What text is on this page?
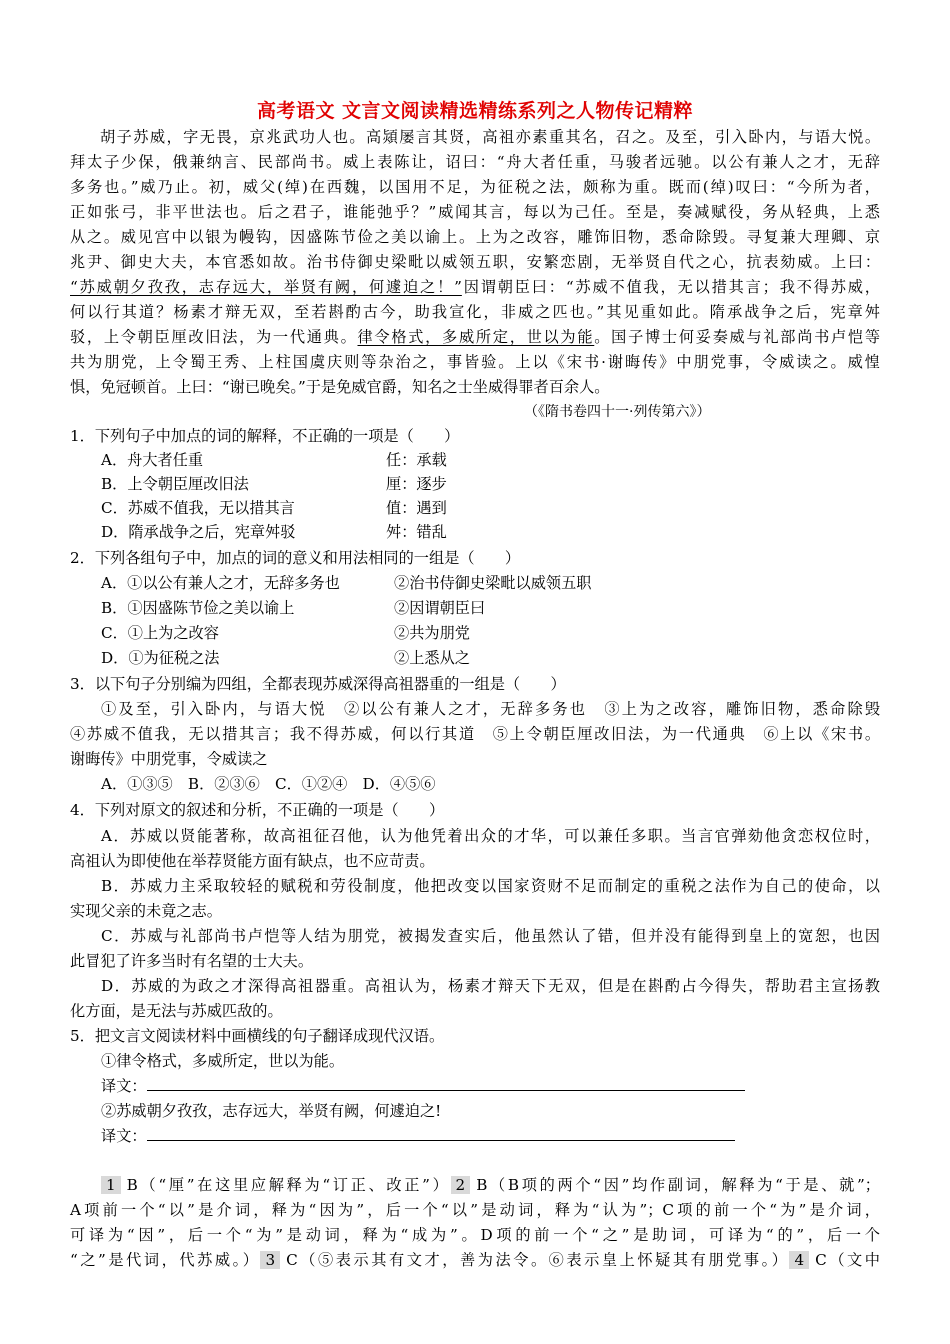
高考语文 文言文阅读精选精练系列之人物传记精粹
胡子苏威，字无畏，京兆武功人也。高熲屡言其贤，高祖亦素重其名，召之。及至，引入卧内，与语大悦。
拜太子少保，俄兼纳言、民部尚书。威上表陈让，诏曰：“舟大者任重，马骏者远驰。以公有兼人之才，无辞
多务也。”威乃止。初，威父(绰)在西魏，以国用不足，为征税之法，颇称为重。既而(绰)叹曰：“今所为者，
正如张弓，非平世法也。后之君子，谁能弛乎？”威闻其言，每以为己任。至是，奏减赋役，务从轻典，上悉
从之。威见宫中以银为幔钩，因盛陈节俭之美以谕上。上为之改容，雕饰旧物，悉命除毁。寻复兼大理卿、京
兆尹、御史大夫，本官悉如故。治书侍御史梁毗以威领五职，安繁恋剧，无举贤自代之心，抗表劾威。上曰：
“苏威朝夕孜孜，志存远大，举贤有阙，何遽迫之！”因谓朝臣曰：“苏威不值我，无以措其言；我不得苏威，
何以行其道？杨素才辩无双，至若斟酌古今，助我宣化，非威之匹也。”其见重如此。隋承战争之后，宪章舛
驳，上令朝臣厘改旧法，为一代通典。律令格式，多威所定，世以为能。国子博士何妥奏威与礼部尚书卢恺等
共为朋党，上令蜀王秀、上柱国虞庆则等杂治之，事皆验。上以《宋书·谢晦传》中朋党事，令威读之。威惶
惧，免冠顿首。上曰：“谢已晚矣。”于是免威官爵，知名之士坐威得罪者百余人。
（《隋书卷四十一·列传第六》）
1．下列句子中加点的词的解释，不正确的一项是（　　）
A．舟大者任重	任：承载
B．上令朝臣厘改旧法	厘：逐步
C．苏威不值我，无以措其言	值：遇到
D．隋承战争之后，宪章舛驳	舛：错乱
2．下列各组句子中，加点的词的意义和用法相同的一组是（　　）
A．①以公有兼人之才，无辞多务也	②治书侍御史梁毗以威领五职
B．①因盛陈节俭之美以谕上	②因谓朝臣曰
C．①上为之改容	②共为朋党
D．①为征税之法	②上悉从之
3．以下句子分别编为四组，全都表现苏威深得高祖器重的一组是（　　）
①及至，引入卧内，与语大悦　②以公有兼人之才，无辞多务也　③上为之改容，雕饰旧物，悉命除毁
④苏威不值我，无以措其言；我不得苏威，何以行其道　⑤上令朝臣厘改旧法，为一代通典　⑥上以《宋书。
谢晦传》中朋党事，令威读之
A．①③⑤　B．②③⑥　C．①②④　D．④⑤⑥
4．下列对原文的叙述和分析，不正确的一项是（　　）
A．苏威以贤能著称，故高祖征召他，认为他凭着出众的才华，可以兼任多职。当言官弹劾他贪恋权位时，
高祖认为即使他在举荐贤能方面有缺点，也不应苛责。
B．苏威力主采取较轻的赋税和劳役制度，他把改变以国家资财不足而制定的重税之法作为自己的使命，以
实现父亲的未竟之志。
C．苏威与礼部尚书卢恺等人结为朋党，被揭发查实后，他虽然认了错，但并没有能得到皇上的宽恕，也因
此冒犯了许多当时有名望的士大夫。
D．苏威的为政之才深得高祖器重。高祖认为，杨素才辩天下无双，但是在斟酌占今得失，帮助君主宣扬教
化方面，是无法与苏威匹敌的。
5．把文言文阅读材料中画横线的句子翻译成现代汉语。
①律令格式，多威所定，世以为能。
译文：
②苏威朝夕孜孜，志存远大，举贤有阙，何遽迫之!
译文：
1 B（“厘”在这里应解释为“订正、改正”） 2 B（B项的两个“因”均作副词，解释为“于是、就”；
A项前一个“以”是介词，释为“因为”，后一个“以”是动词，释为“认为”；C项的前一个“为”是介词，
可译为“因”，后一个“为”是动词，释为“成为”。D项的前一个“之”是助词，可译为“的”，后一个
“之”是代词，代苏威。） 3 C（⑤表示其有文才，善为法令。⑥表示皇上怀疑其有朋党事。） 4 C（文中
